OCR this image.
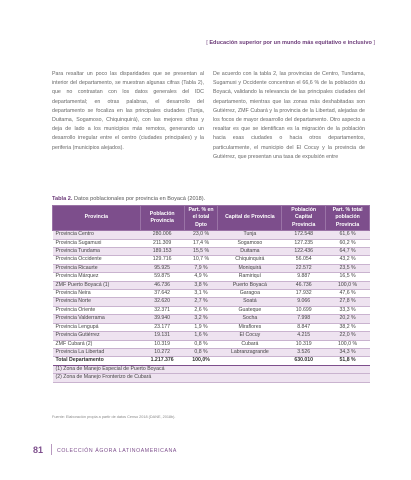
[ Educación superior por un mundo más equitativo e inclusivo ]

Para resaltar un poco las disparidades que se presentan al interior del departamento, se muestran algunas cifras (Tabla 2), que no contrastan con los datos generales del IDC departamental; en otras palabras, el desarrollo del departamento se focaliza en las principales ciudades (Tunja, Duitama, Sogamoso, Chiquinquirá), con las mejores cifras y deja de lado a los municipios más remotos, generando un desarrollo irregular entre el centro (ciudades principales) y la periferia (municipios alejados).

De acuerdo con la tabla 2, las provincias de Centro, Tundama, Sugamuxi y Occidente concentran el 66,6 % de la población du Boyacá, validando la relevancia de las principales ciudades del departamento, mientras que las zonas más deshabitadas son Gutiérrez, ZMF Cubará y la provincia de la Libertad, alejadas de los focos de mayor desarrollo del departamento. Otro aspecto a resaltar es que se identifican es la migración de la población hacia esas ciudades o hacia otros departamentos, particularmente, el municipio del El Cocuy y la provincia de Gutiérrez, que presentan una tasa de expulsión entre

Tabla 2. Datos poblacionales por provincia en Boyacá (2018).
Provincia	Población Provincia	Part. % en el total Dpto	Capital de Provincia	Población Capital Provincia	Part. % total población Provincia
Provincia Centro	280.006	23,0 %	Tunja	172.548	61,6 %
Provincia Sugamuxi	211.309	17,4 %	Sogamoso	127.235	60,2 %
Provincia Tundama	189.153	15,5 %	Duitama	122.436	64,7 %
Provincia Occidente	129.716	10,7 %	Chiquinquirá	56.054	43,2 %
Provincia Ricaurte	95.925	7,9 %	Moniquirá	22.572	23,5 %
Provincia Márquez	59.875	4,9 %	Ramiriquí	9.887	16,5 %
ZMF Puerto Boyacá (1)	46.736	3,8 %	Puerto Boyacá	46.736	100,0 %
Provincia Neira	37.642	3,1 %	Garagoa	17.932	47,6 %
Provincia Norte	32.620	2,7 %	Soatá	9.066	27,8 %
Provincia Oriente	32.371	2,6 %	Guateque	10.699	33,3 %
Provincia Valderrama	39.940	3,2 %	Socha	7.998	20,2 %
Provincia Lengupá	23.177	1,9 %	Miraflores	8.847	38,2 %
Provincia Gutiérrez	19.131	1,6 %	El Cocuy	4.215	22,0 %
ZMF Cubará (2)	10.319	0,8 %	Cubará	10.319	100,0 %
Provincia La Libertad	10.272	0,8 %	Labranzagrande	3.526	34,3 %
Total Departamento	1.217.376	100,0%		630.010	51,8 %
(1) Zona de Manejo Especial de Puerto Boyacá					
(2) Zona de Manejo Fronterizo de Cubará					
Fuente: Elaboración propia a partir de datos Censo 2018 (DANE, 2018b).
81	COLECCIÓN ÁGORA LATINOAMERICANA
